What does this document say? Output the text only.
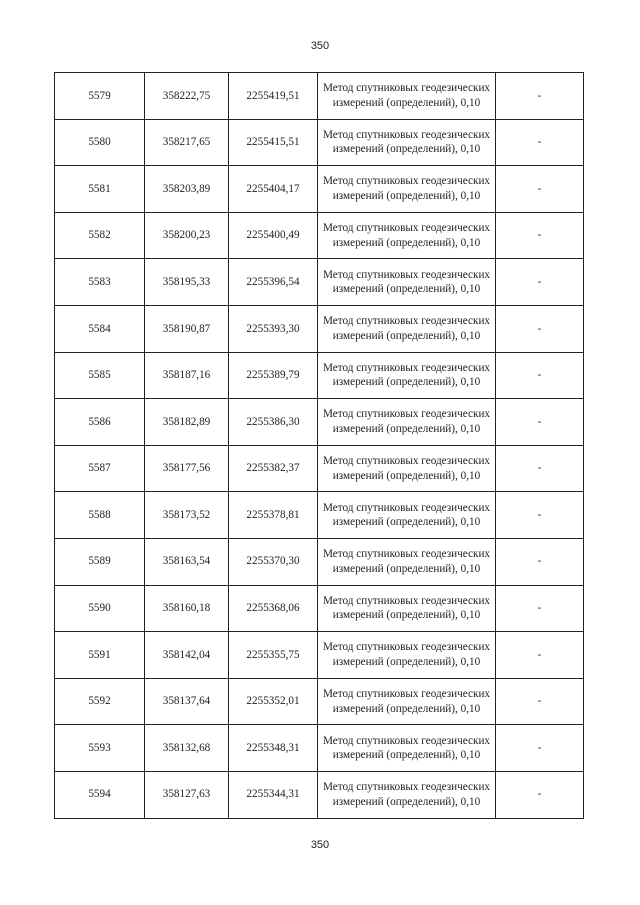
350
5579	358222,75	2255419,51	Метод спутниковых геодезических измерений (определений), 0,10	-
5580	358217,65	2255415,51	Метод спутниковых геодезических измерений (определений), 0,10	-
5581	358203,89	2255404,17	Метод спутниковых геодезических измерений (определений), 0,10	-
5582	358200,23	2255400,49	Метод спутниковых геодезических измерений (определений), 0,10	-
5583	358195,33	2255396,54	Метод спутниковых геодезических измерений (определений), 0,10	-
5584	358190,87	2255393,30	Метод спутниковых геодезических измерений (определений), 0,10	-
5585	358187,16	2255389,79	Метод спутниковых геодезических измерений (определений), 0,10	-
5586	358182,89	2255386,30	Метод спутниковых геодезических измерений (определений), 0,10	-
5587	358177,56	2255382,37	Метод спутниковых геодезических измерений (определений), 0,10	-
5588	358173,52	2255378,81	Метод спутниковых геодезических измерений (определений), 0,10	-
5589	358163,54	2255370,30	Метод спутниковых геодезических измерений (определений), 0,10	-
5590	358160,18	2255368,06	Метод спутниковых геодезических измерений (определений), 0,10	-
5591	358142,04	2255355,75	Метод спутниковых геодезических измерений (определений), 0,10	-
5592	358137,64	2255352,01	Метод спутниковых геодезических измерений (определений), 0,10	-
5593	358132,68	2255348,31	Метод спутниковых геодезических измерений (определений), 0,10	-
5594	358127,63	2255344,31	Метод спутниковых геодезических измерений (определений), 0,10	-
350
